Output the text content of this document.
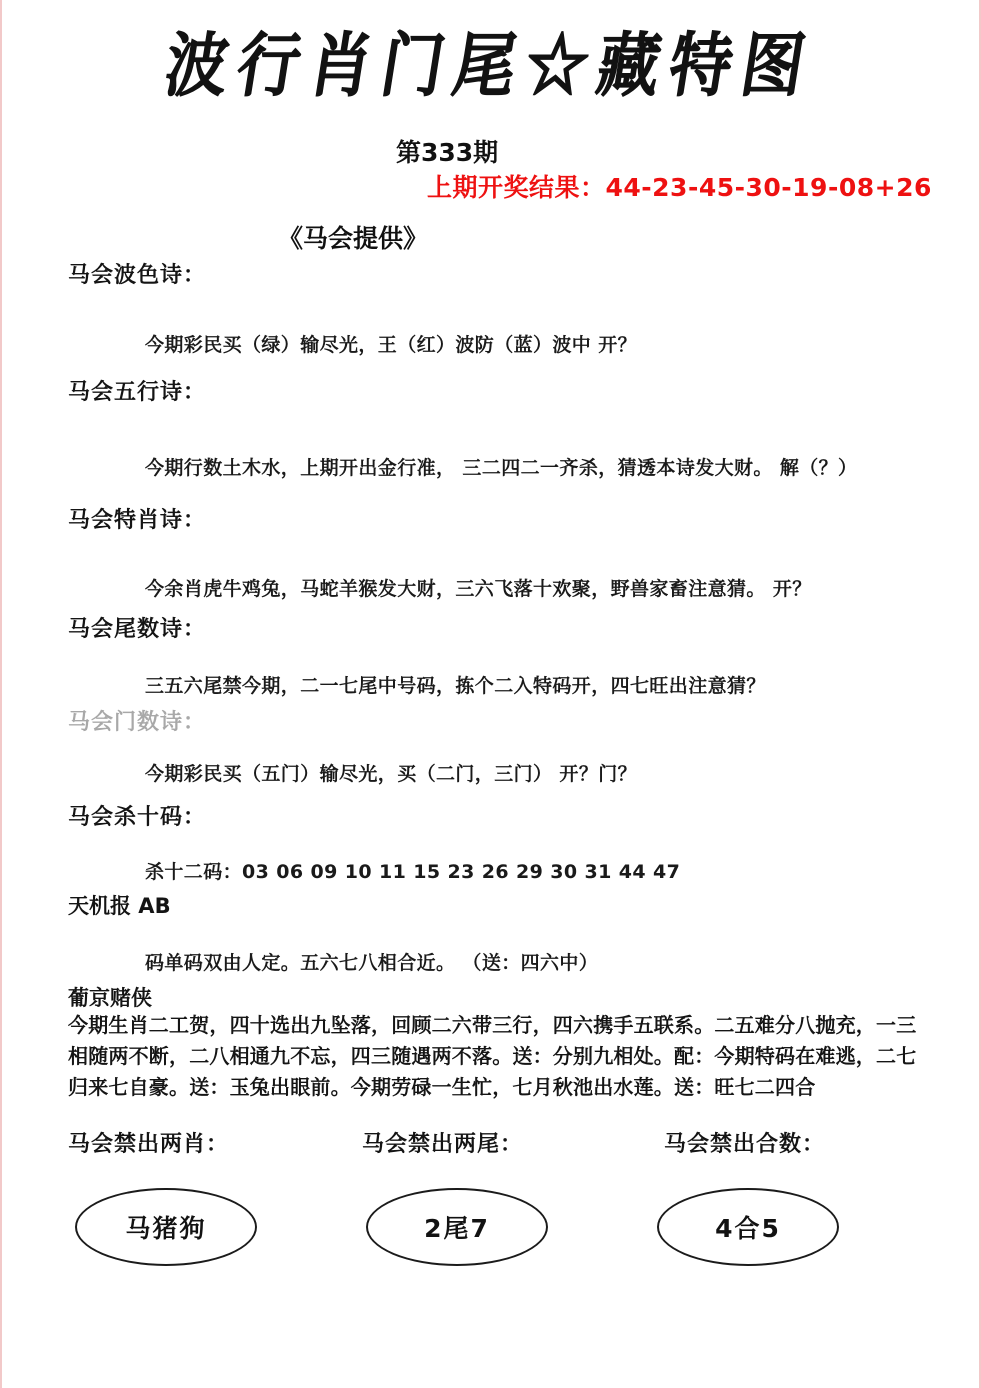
波行肖门尾☆藏特图
第333期
上期开奖结果：44-23-45-30-19-08+26
《马会提供》
马会波色诗：
今期彩民买（绿）输尽光，王（红）波防（蓝）波中 开？
马会五行诗：
今期行数土木水，上期开出金行准， 三二四二一齐杀，猜透本诗发大财。 解（？）
马会特肖诗：
今余肖虎牛鸡兔，马蛇羊猴发大财，三六飞落十欢聚，野兽家畜注意猜。 开？
马会尾数诗：
三五六尾禁今期，二一七尾中号码，拣个二入特码开，四七旺出注意猜？
马会门数诗：
今期彩民买（五门）输尽光，买（二门，三门） 开？门？
马会杀十码：
杀十二码：03 06 09 10 11 15 23 26 29 30 31 44 47
天机报 AB
码单码双由人定。五六七八相合近。 （送：四六中）
葡京赌侠
今期生肖二工贺，四十选出九坠落，回顾二六带三行，四六携手五联系。二五难分八抛充，一三
相随两不断，二八相通九不忘，四三随遇两不落。送：分别九相处。配：今期特码在难逃，二七
归来七自豪。送：玉兔出眼前。今期劳碌一生忙，七月秋池出水莲。送：旺七二四合
马会禁出两肖：	马会禁出两尾：	马会禁出合数：
马猪狗	2尾7	4合5
